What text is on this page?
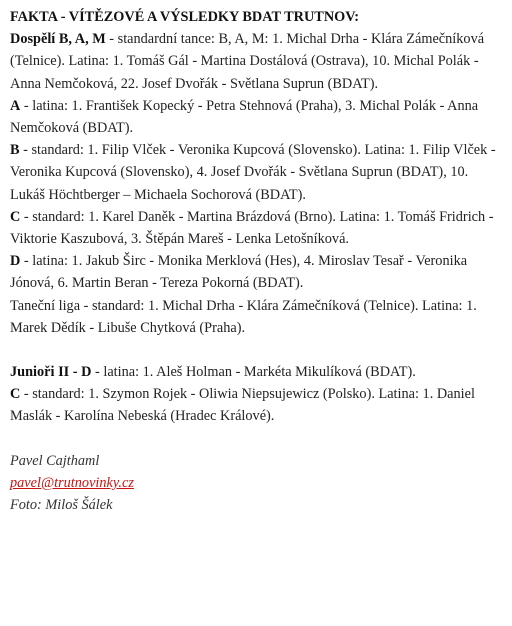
FAKTA - VÍTĚZOVÉ A VÝSLEDKY BDAT TRUTNOV:

Dospělí B, A, M - standardní tance: B, A, M: 1. Michal Drha - Klára Zámečníková (Telnice). Latina: 1. Tomáš Gál - Martina Dostálová (Ostrava), 10. Michal Polák - Anna Nemčoková, 22. Josef Dvořák - Světlana Suprun (BDAT).

A - latina: 1. František Kopecký - Petra Stehnová (Praha), 3. Michal Polák - Anna Nemčoková (BDAT).

B - standard: 1. Filip Vlček - Veronika Kupcová (Slovensko). Latina: 1. Filip Vlček - Veronika Kupcová (Slovensko), 4. Josef Dvořák - Světlana Suprun (BDAT), 10. Lukáš Höchtberger – Michaela Sochorová (BDAT).

C - standard: 1. Karel Daněk - Martina Brázdová (Brno). Latina: 1. Tomáš Fridrich - Viktorie Kaszubová, 3. Štěpán Mareš - Lenka Letošníková.

D - latina: 1. Jakub Širc - Monika Merklová (Hes), 4. Miroslav Tesař - Veronika Jónová, 6. Martin Beran - Tereza Pokorná (BDAT).

Taneční liga - standard: 1. Michal Drha - Klára Zámečníková (Telnice). Latina: 1. Marek Dědík - Libuše Chytková (Praha).

Junioři II - D - latina: 1. Aleš Holman - Markéta Mikulíková (BDAT).

C - standard: 1. Szymon Rojek - Oliwia Niepsujewicz (Polsko). Latina: 1. Daniel Maslák - Karolína Nebeská (Hradec Králové).

Pavel Cajthaml

pavel@trutnovinky.cz

Foto: Miloš Šálek
